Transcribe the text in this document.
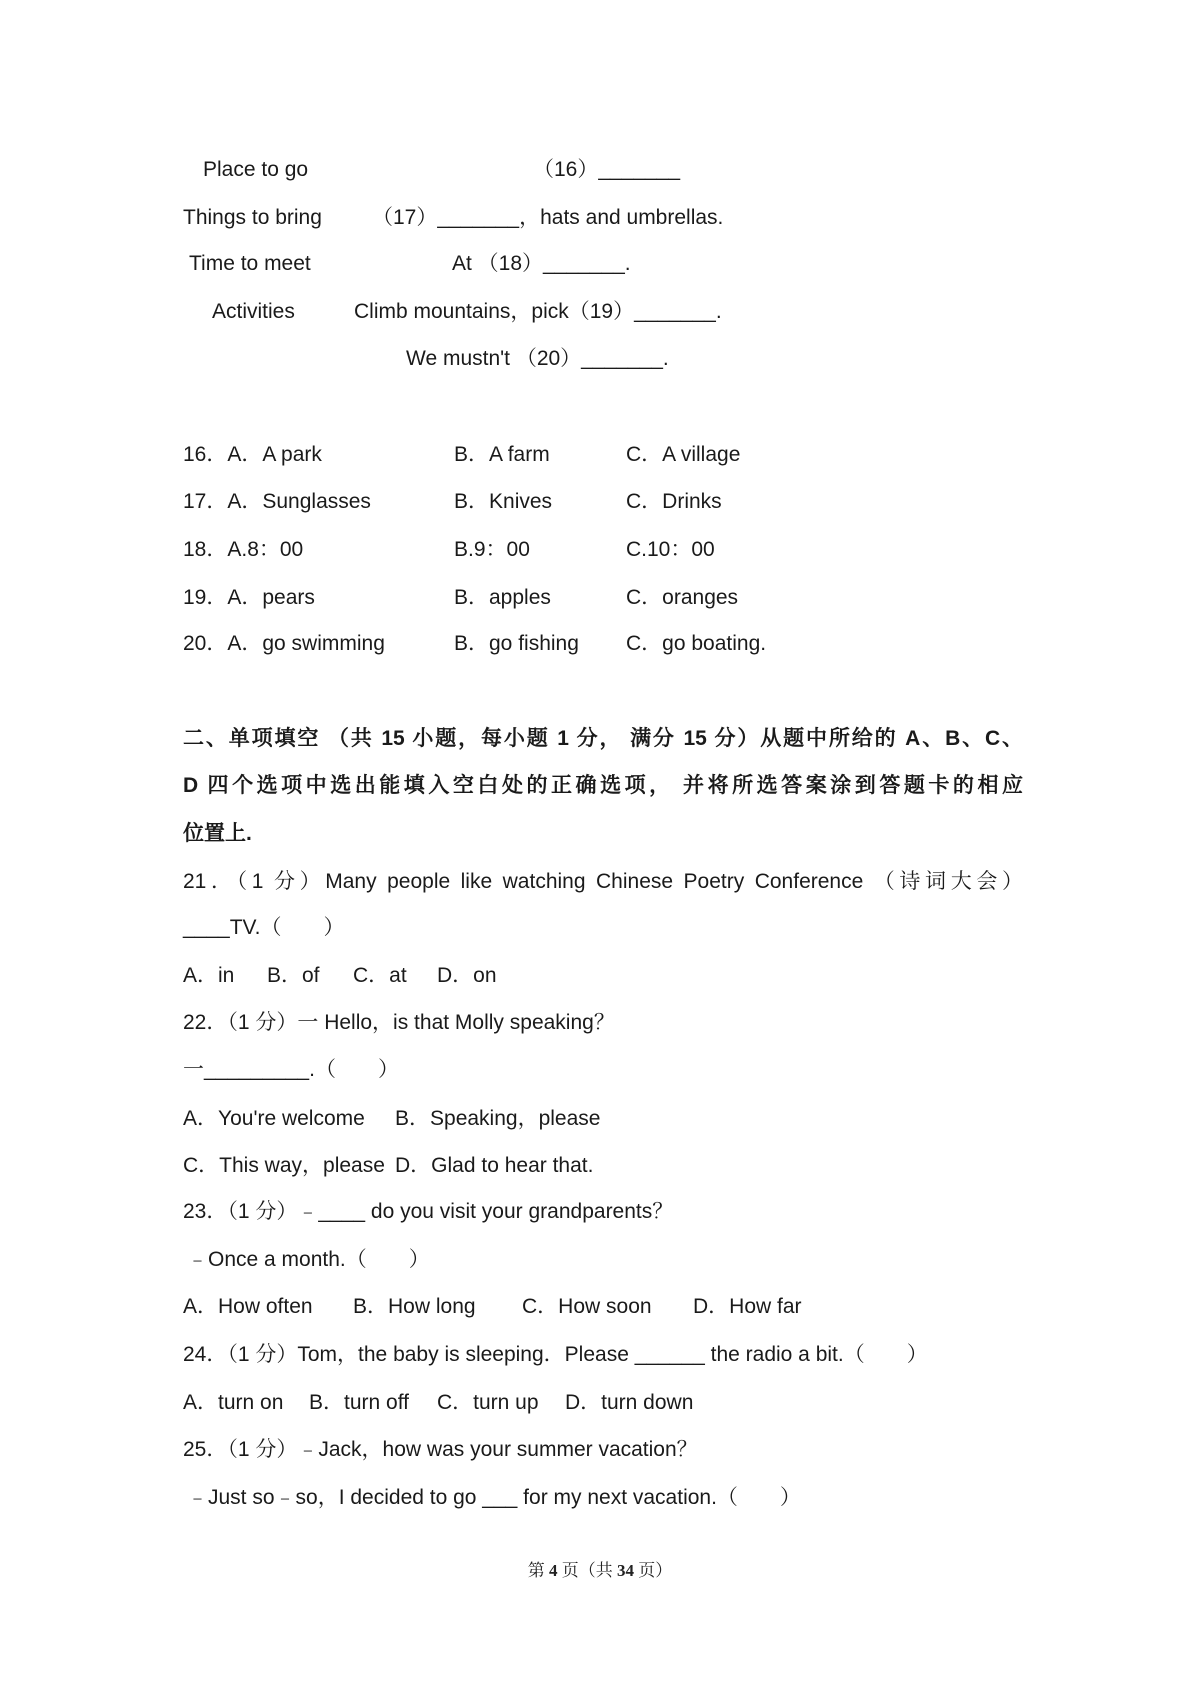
Place to go	（16）_______
Things to bring （17）_______，hats and umbrellas.
Time to meet	At （18）_______.
Activities	Climb mountains，pick（19）_______.
We mustn't （20）_______.
16．A．A park	B．A farm	C．A village
17．A．Sunglasses	B．Knives	C．Drinks
18．A.8：00	B.9：00	C.10：00
19．A．pears	B．apples	C．oranges
20．A．go swimming	B．go fishing C．go boating.
二、单项填空 （共 15 小题，每小题 1 分， 满分 15 分）从题中所给的 A、B、C、
D 四个选项中选出能填入空白处的正确选项， 并将所选答案涂到答题卡的相应
位置上.
21．（1 分）Many people like watching Chinese Poetry Conference （诗词大会）
____TV.（　　）
A．in B．of C．at D．on
22．（1 分）一 Hello，is that Molly speaking？
一_________.（　　）
A．You're welcome B．Speaking，please
C．This way，please D．Glad to hear that.
23．（1 分）﹣____ do you visit your grandparents？
﹣Once a month.（　　）
A．How often B．How long C．How soon D．How far
24．（1 分）Tom，the baby is sleeping．Please ______ the radio a bit.（　　）
A．turn on B．turn off C．turn up D．turn down
25．（1 分）﹣Jack，how was your summer vacation？
﹣Just so﹣so，I decided to go ___ for my next vacation.（　　）
第 4 页（共 34 页）
